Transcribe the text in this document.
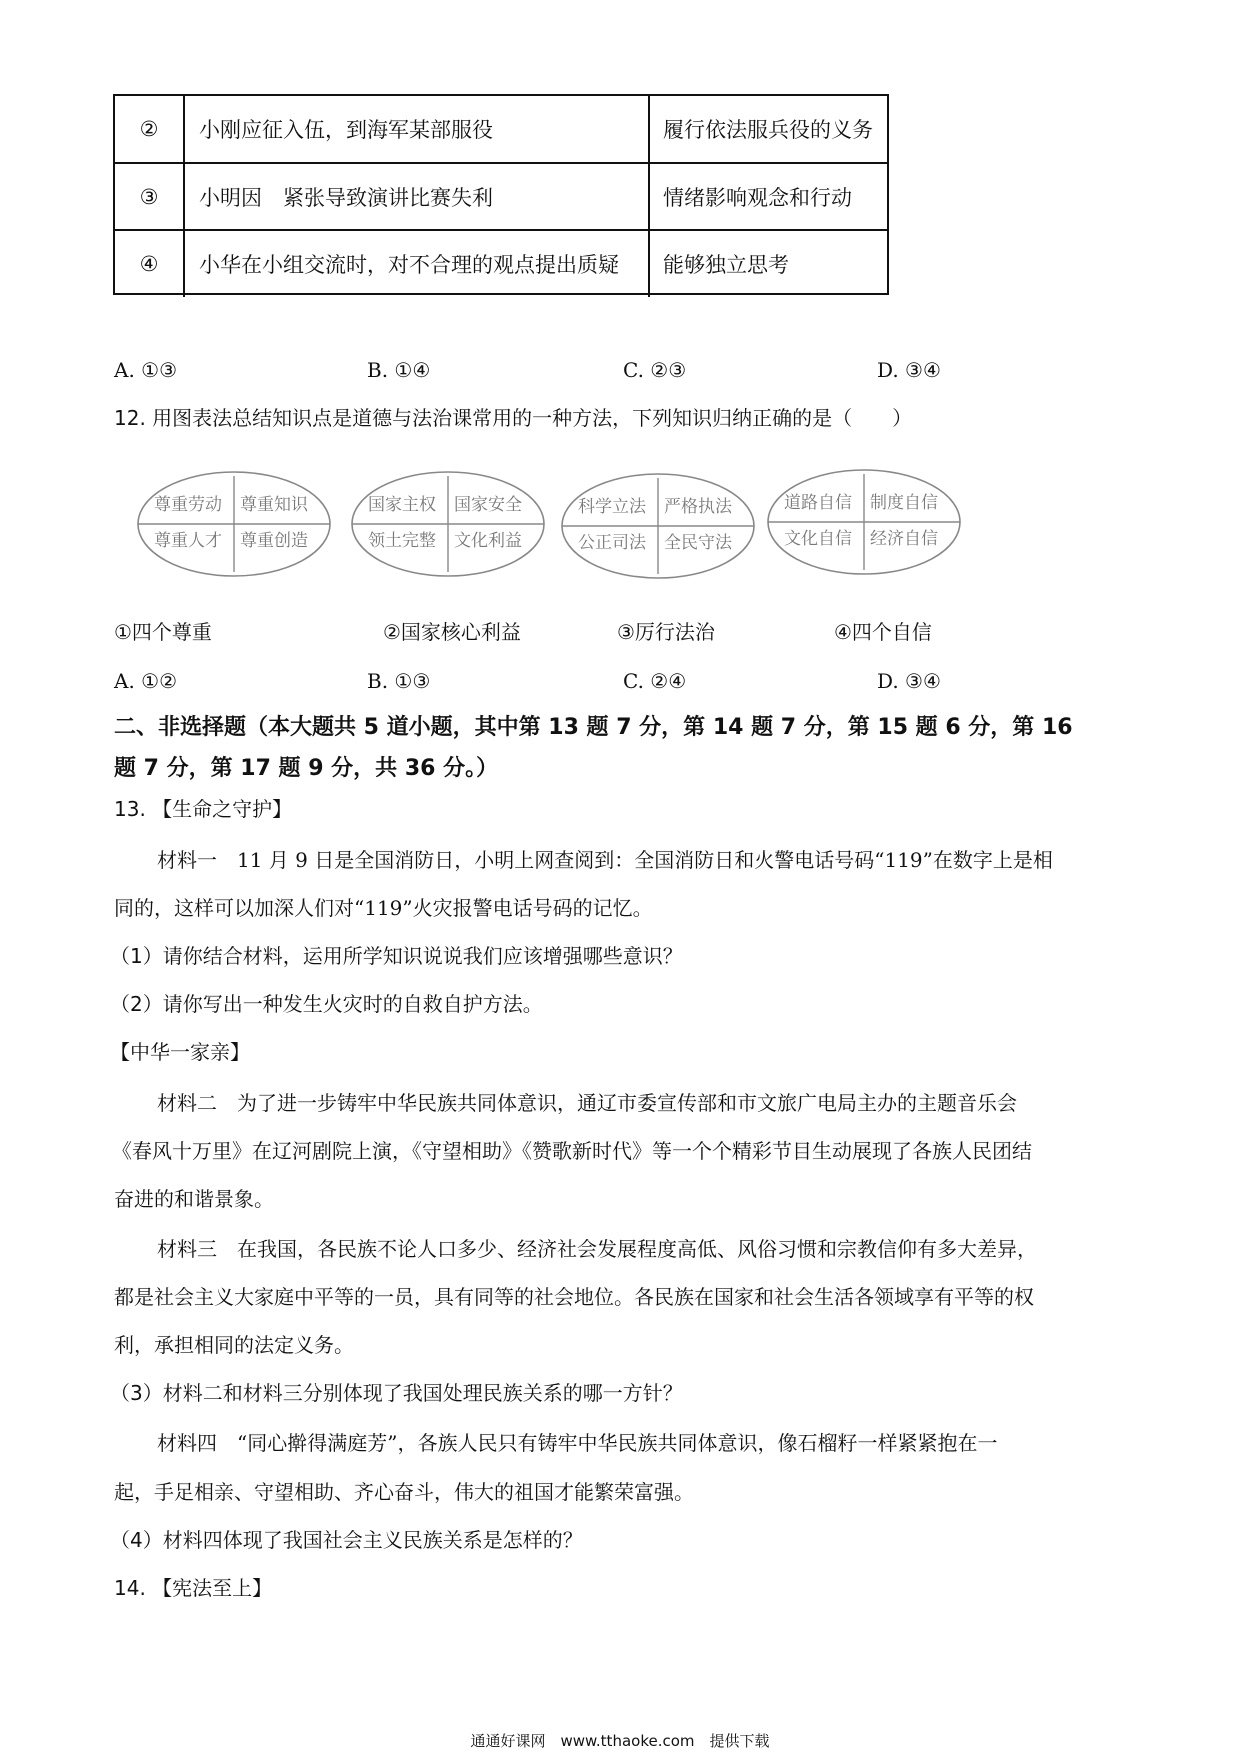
②	小刚应征入伍，到海军某部服役	履行依法服兵役的义务
③	小明因　紧张导致演讲比赛失利	情绪影响观念和行动
④	小华在小组交流时，对不合理的观点提出质疑	能够独立思考
A. ①③	B. ①④	C. ②③	D. ③④
12. 用图表法总结知识点是道德与法治课常用的一种方法，下列知识归纳正确的是（　　）
尊重劳动 尊重知识
尊重人才 尊重创造
国家主权 国家安全
领土完整 文化利益
科学立法 严格执法
公正司法 全民守法
道路自信 制度自信
文化自信 经济自信
①四个尊重	②国家核心利益	③厉行法治	④四个自信
A. ①②	B. ①③	C. ②④	D. ③④
二、非选择题（本大题共 5 道小题，其中第 13 题 7 分，第 14 题 7 分，第 15 题 6 分，第 16
题 7 分，第 17 题 9 分，共 36 分。）
13. 【生命之守护】
材料一　11 月 9 日是全国消防日，小明上网查阅到：全国消防日和火警电话号码“119”在数字上是相
同的，这样可以加深人们对“119”火灾报警电话号码的记忆。
（1）请你结合材料，运用所学知识说说我们应该增强哪些意识？
（2）请你写出一种发生火灾时的自救自护方法。
【中华一家亲】
材料二　为了进一步铸牢中华民族共同体意识，通辽市委宣传部和市文旅广电局主办的主题音乐会
《春风十万里》在辽河剧院上演，《守望相助》《赞歌新时代》等一个个精彩节目生动展现了各族人民团结
奋进的和谐景象。
材料三　在我国，各民族不论人口多少、经济社会发展程度高低、风俗习惯和宗教信仰有多大差异，
都是社会主义大家庭中平等的一员，具有同等的社会地位。各民族在国家和社会生活各领域享有平等的权
利，承担相同的法定义务。
（3）材料二和材料三分别体现了我国处理民族关系的哪一方针？
材料四　“同心擀得满庭芳”，各族人民只有铸牢中华民族共同体意识，像石榴籽一样紧紧抱在一
起，手足相亲、守望相助、齐心奋斗，伟大的祖国才能繁荣富强。
（4）材料四体现了我国社会主义民族关系是怎样的？
14. 【宪法至上】
通通好课网　www.tthaoke.com　提供下载
